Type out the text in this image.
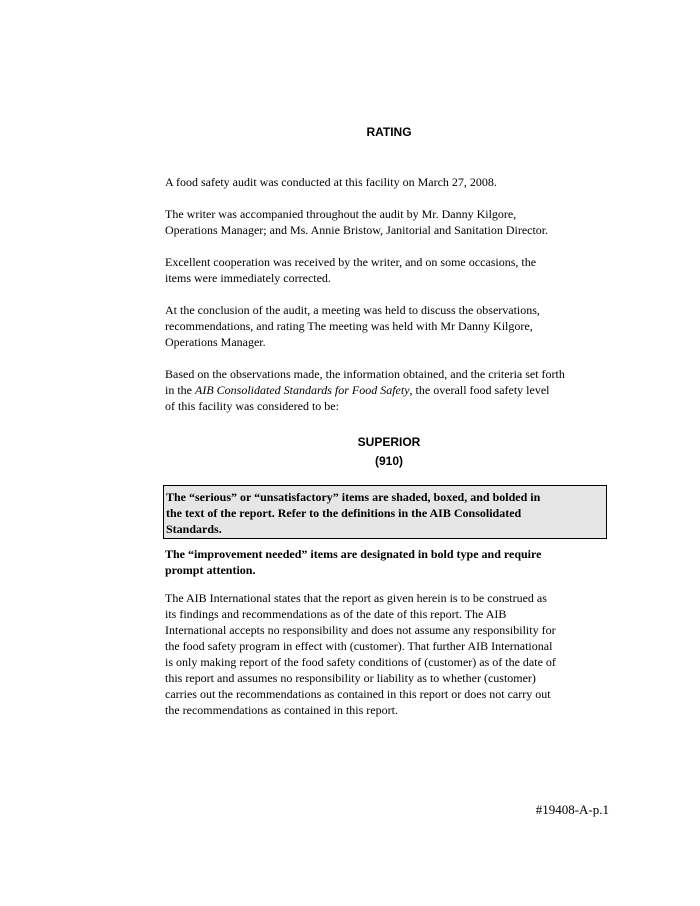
RATING

A food safety audit was conducted at this facility on March 27, 2008.

The writer was accompanied throughout the audit by Mr. Danny Kilgore,
Operations Manager; and Ms. Annie Bristow, Janitorial and Sanitation Director.

Excellent cooperation was received by the writer, and on some occasions, the
items were immediately corrected.

At the conclusion of the audit, a meeting was held to discuss the observations,
recommendations, and rating The meeting was held with Mr Danny Kilgore,
Operations Manager.

Based on the observations made, the information obtained, and the criteria set forth
in the AIB Consolidated Standards for Food Safety, the overall food safety level
of this facility was considered to be:

SUPERIOR
(910)
The “serious” or “unsatisfactory” items are shaded, boxed, and bolded in
the text of the report. Refer to the definitions in the AIB Consolidated
Standards.

The “improvement needed” items are designated in bold type and require
prompt attention.

The AIB International states that the report as given herein is to be construed as
its findings and recommendations as of the date of this report. The AIB
International accepts no responsibility and does not assume any responsibility for
the food safety program in effect with (customer). That further AIB International
is only making report of the food safety conditions of (customer) as of the date of
this report and assumes no responsibility or liability as to whether (customer)
carries out the recommendations as contained in this report or does not carry out
the recommendations as contained in this report.

#19408-A-p.1
